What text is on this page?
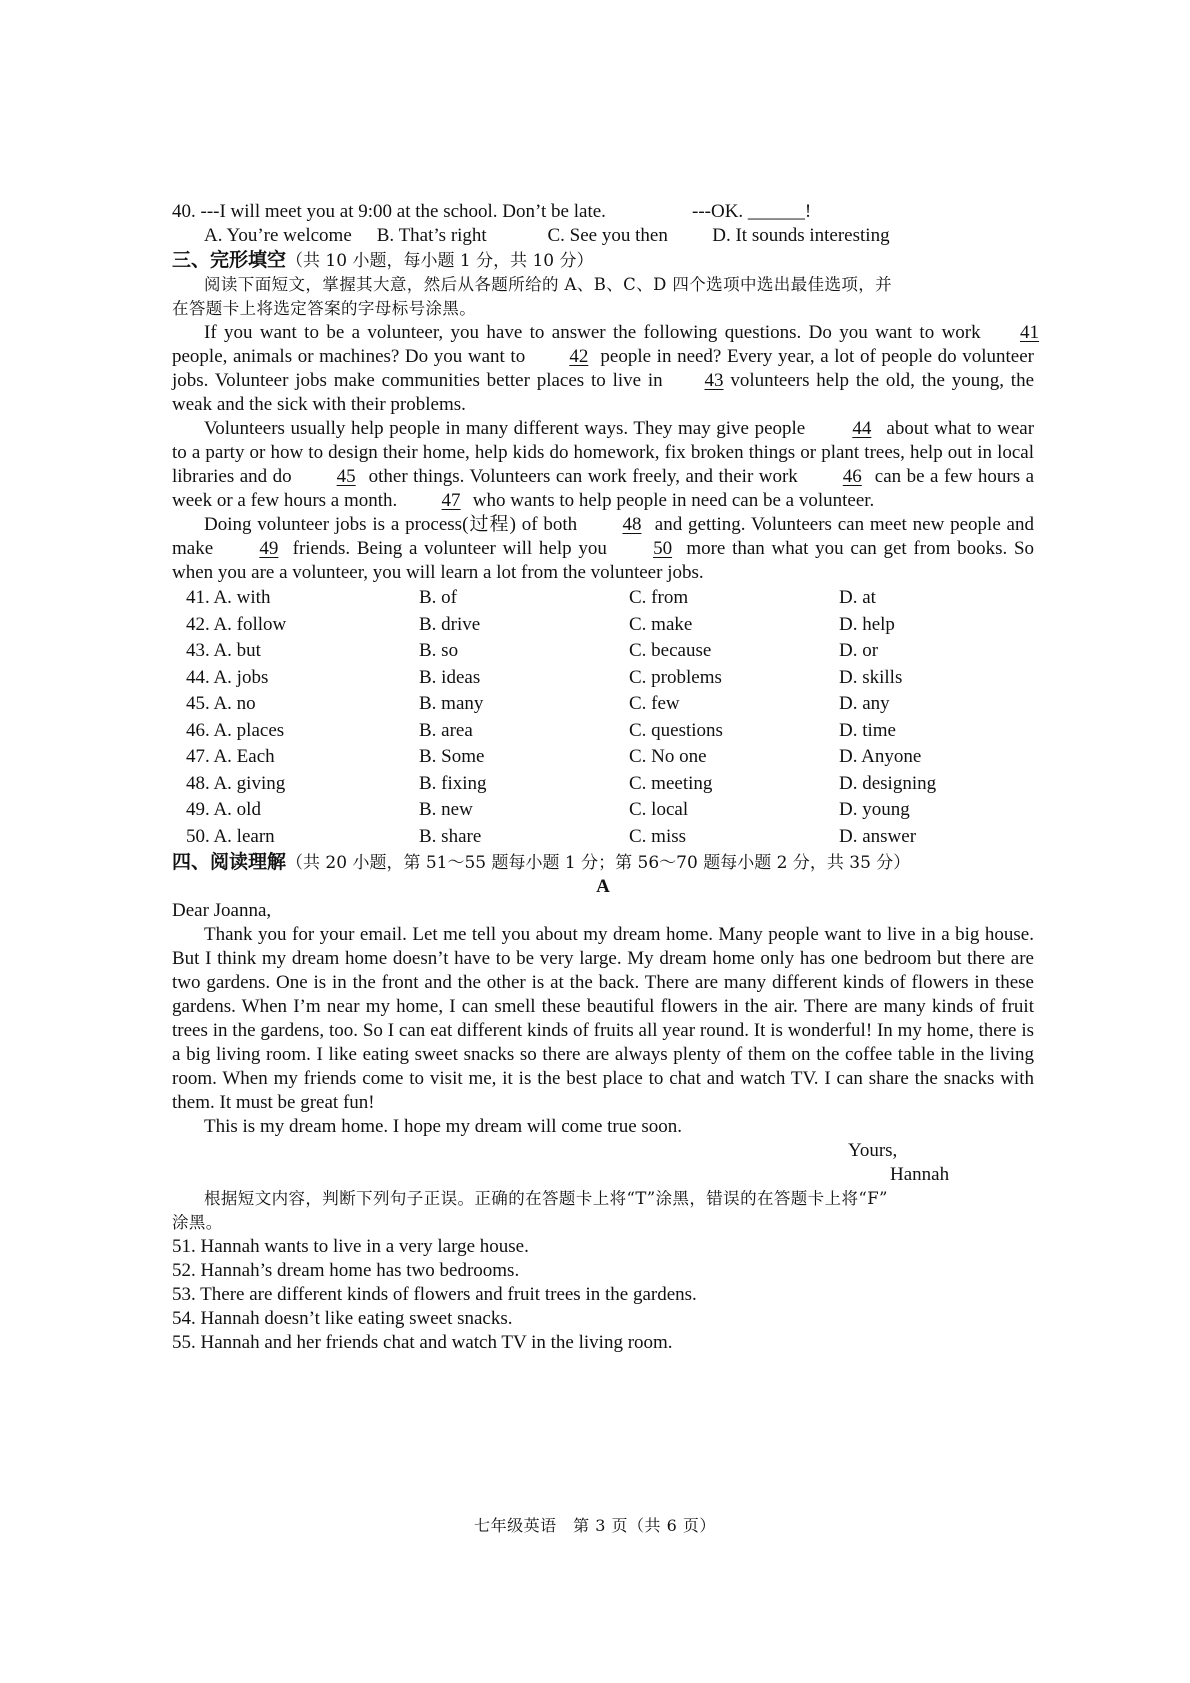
40. ---I will meet you at 9:00 at the school. Don’t be late.	---OK. ______!
A. You’re welcome B. That’s right	C. See you then D. It sounds interesting
三、完形填空（共 10 小题，每小题 1 分，共 10 分）
阅读下面短文，掌握其大意，然后从各题所给的 A、B、C、D 四个选项中选出最佳选项，并
在答题卡上将选定答案的字母标号涂黑。
If you want to be a volunteer, you have to answer the following questions. Do you want to work 41 people, animals or machines? Do you want to 42 people in need? Every year, a lot of people do volunteer jobs. Volunteer jobs make communities better places to live in 43 volunteers help the old, the young, the weak and the sick with their problems.
Volunteers usually help people in many different ways. They may give people 44 about what to wear to a party or how to design their home, help kids do homework, fix broken things or plant trees, help out in local libraries and do 45 other things. Volunteers can work freely, and their work 46 can be a few hours a week or a few hours a month. 47 who wants to help people in need can be a volunteer.
Doing volunteer jobs is a process(过程) of both 48 and getting. Volunteers can meet new people and make 49 friends. Being a volunteer will help you 50 more than what you can get from books. So when you are a volunteer, you will learn a lot from the volunteer jobs.
41. A. with	B. of	C. from	D. at
42. A. follow	B. drive	C. make	D. help
43. A. but	B. so	C. because	D. or
44. A. jobs	B. ideas	C. problems	D. skills
45. A. no	B. many	C. few	D. any
46. A. places	B. area	C. questions	D. time
47. A. Each	B. Some	C. No one	D. Anyone
48. A. giving	B. fixing	C. meeting	D. designing
49. A. old	B. new	C. local	D. young
50. A. learn	B. share	C. miss	D. answer
四、阅读理解（共 20 小题，第 51～55 题每小题 1 分；第 56～70 题每小题 2 分，共 35 分）
A
Dear Joanna,
Thank you for your email. Let me tell you about my dream home. Many people want to live in a big house. But I think my dream home doesn’t have to be very large. My dream home only has one bedroom but there are two gardens. One is in the front and the other is at the back. There are many different kinds of flowers in these gardens. When I’m near my home, I can smell these beautiful flowers in the air. There are many kinds of fruit trees in the gardens, too. So I can eat different kinds of fruits all year round. It is wonderful! In my home, there is a big living room. I like eating sweet snacks so there are always plenty of them on the coffee table in the living room. When my friends come to visit me, it is the best place to chat and watch TV. I can share the snacks with them. It must be great fun!
This is my dream home. I hope my dream will come true soon.
Yours,
Hannah
根据短文内容，判断下列句子正误。正确的在答题卡上将“T”涂黑，错误的在答题卡上将“F”
涂黑。
51. Hannah wants to live in a very large house.
52. Hannah’s dream home has two bedrooms.
53. There are different kinds of flowers and fruit trees in the gardens.
54. Hannah doesn’t like eating sweet snacks.
55. Hannah and her friends chat and watch TV in the living room.
七年级英语　第 3 页（共 6 页）
